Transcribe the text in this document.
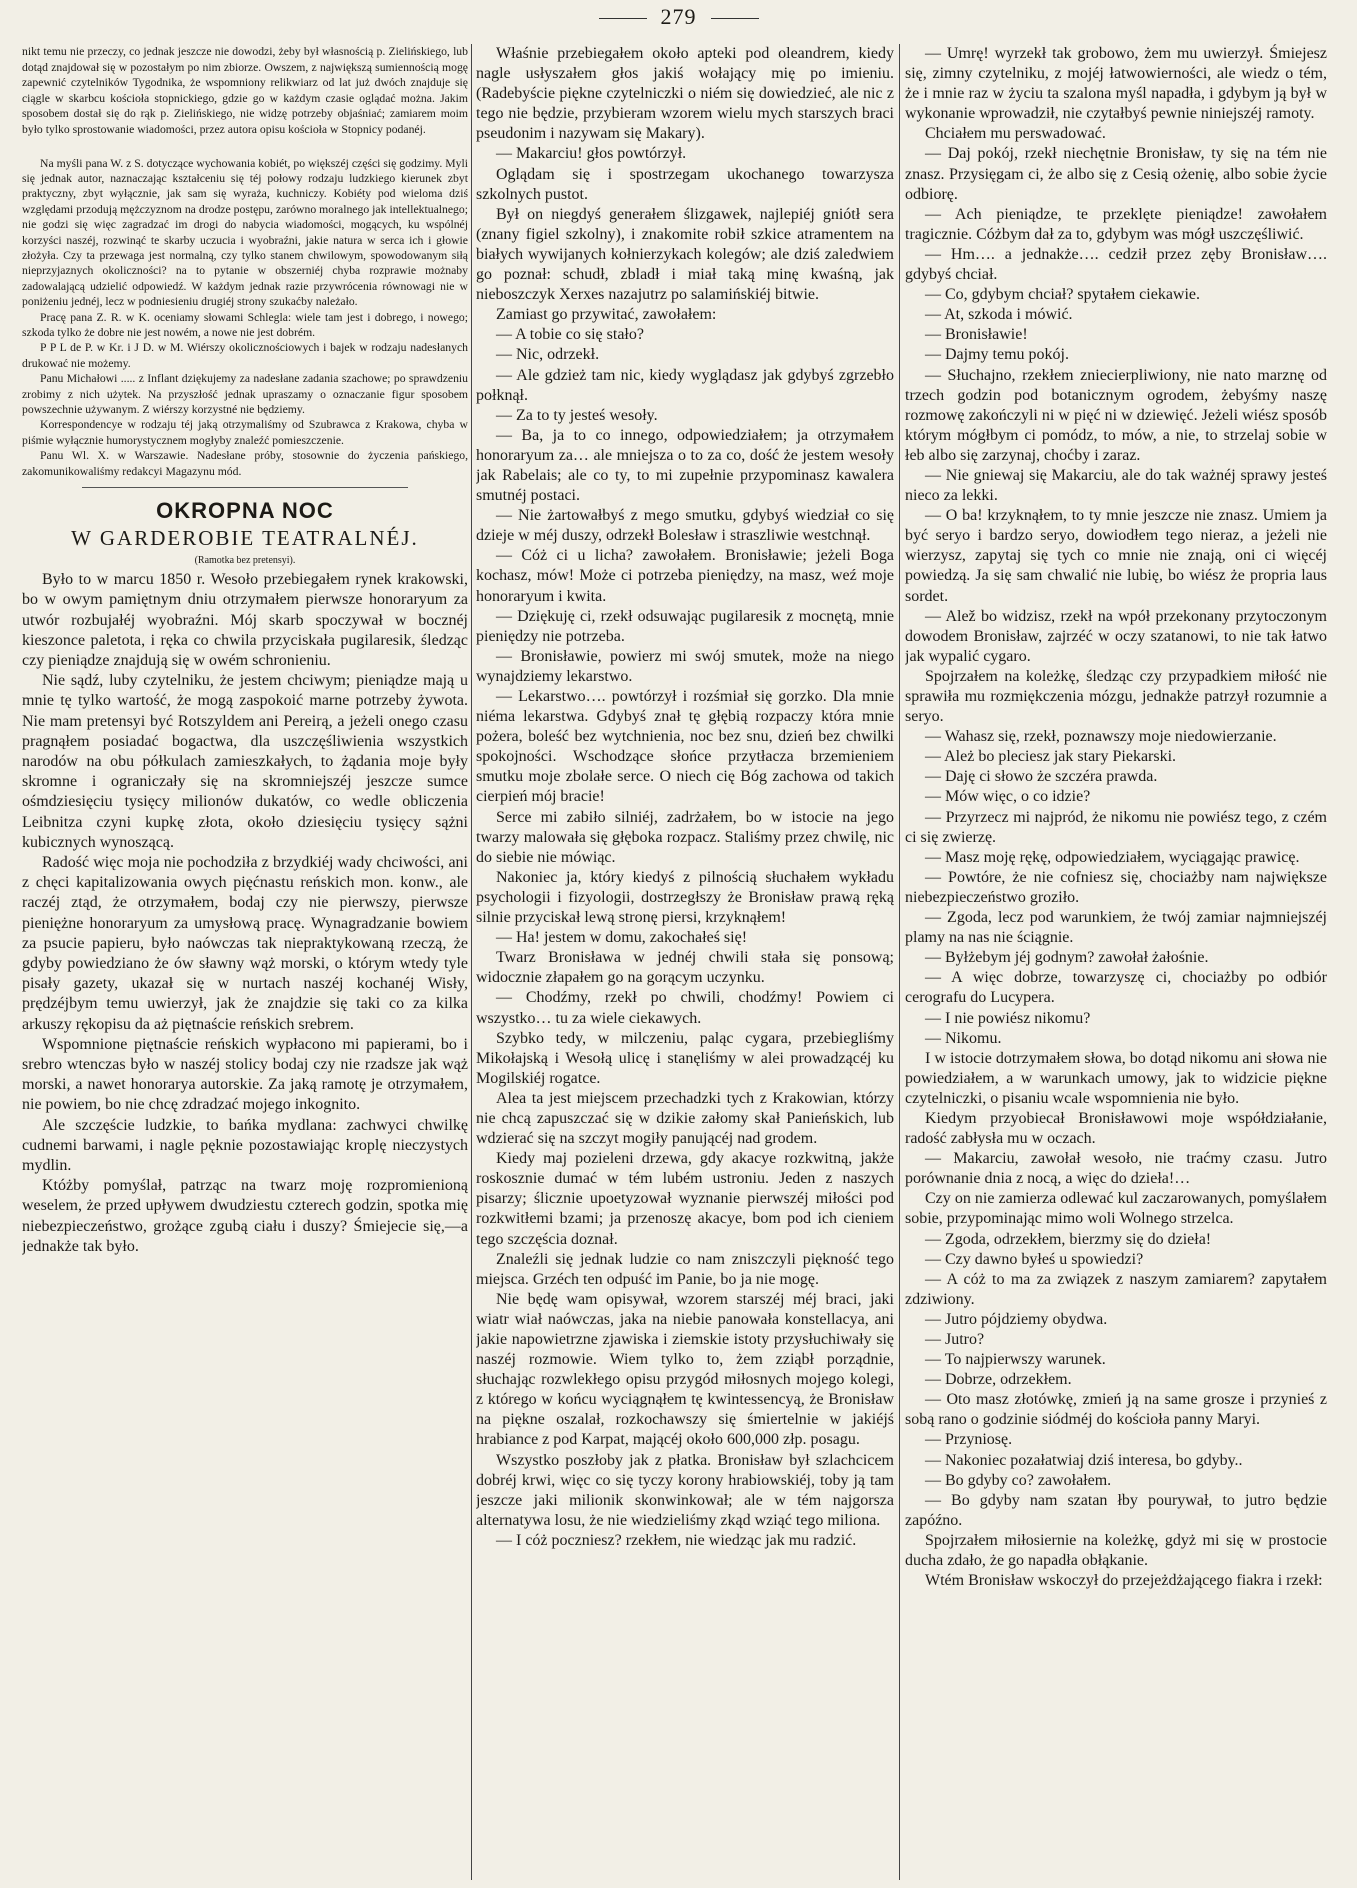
279

nikt temu nie przeczy, co jednak jeszcze nie dowodzi, żeby był własnością p. Zielińskiego, lub dotąd znajdował się w pozostałym po nim zbiorze. Owszem, z największą sumiennością mogę zapewnić czytelników Tygodnika, że wspomniony relikwiarz od lat już dwóch znajduje się ciągle w skarbcu kościoła stopnickiego, gdzie go w każdym czasie oglądać można. Jakim sposobem dostał się do rąk p. Zielińskiego, nie widzę potrzeby objaśniać; zamiarem moim było tylko sprostowanie wiadomości, przez autora opisu kościoła w Stopnicy podanéj.

Na myśli pana W. z S. dotyczące wychowania kobiét, po większéj części się godzimy. Myli się jednak autor, naznaczając kształceniu się téj połowy rodzaju ludzkiego kierunek zbyt praktyczny, zbyt wyłącznie, jak sam się wyraża, kuchniczy. Kobiéty pod wieloma dziś względami przodują mężczyznom na drodze postępu, zarówno moralnego jak intellektualnego; nie godzi się więc zagradzać im drogi do nabycia wiadomości, mogących, ku wspólnéj korzyści naszéj, rozwinąć te skarby uczucia i wyobraźni, jakie natura w serca ich i głowie złożyła. Czy ta przewaga jest normalną, czy tylko stanem chwilowym, spowodowanym siłą nieprzyjaznych okoliczności? na to pytanie w obszerniéj chyba rozprawie możnaby zadowalającą udzielić odpowiedź. W każdym jednak razie przywrócenia równowagi nie w poniżeniu jednéj, lecz w podniesieniu drugiéj strony szukaćby należało.

Pracę pana Z. R. w K. oceniamy słowami Schlegla: wiele tam jest i dobrego, i nowego; szkoda tylko że dobre nie jest nowém, a nowe nie jest dobrém.

P P L de P. w Kr. i J D. w M. Wiérszy okolicznościowych i bajek w rodzaju nadesłanych drukować nie możemy.

Panu Michałowi ..... z Inflant dziękujemy za nadesłane zadania szachowe; po sprawdzeniu zrobimy z nich użytek. Na przyszłość jednak upraszamy o oznaczanie figur sposobem powszechnie używanym. Z wiérszy korzystné nie będziemy.

Korrespondencye w rodzaju téj jaką otrzymaliśmy od Szubrawca z Krakowa, chyba w piśmie wyłącznie humorystycznem mogłyby znaleźć pomieszczenie.

Panu Wl. X. w Warszawie. Nadesłane próby, stosownie do życzenia pańskiego, zakomunikowaliśmy redakcyi Magazynu mód.

OKROPNA NOC
W GARDEROBIE TEATRALNÉJ.
(Ramotka bez pretensyi).

Było to w marcu 1850 r. Wesoło przebiegałem rynek krakowski, bo w owym pamiętnym dniu otrzymałem pierwsze honoraryum za utwór rozbujałéj wyobraźni. Mój skarb spoczywał w bocznéj kieszonce paletota, i ręka co chwila przyciskała pugilaresik, śledząc czy pieniądze znajdują się w owém schronieniu.

Nie sądź, luby czytelniku, że jestem chciwym; pieniądze mają u mnie tę tylko wartość, że mogą zaspokoić marne potrzeby żywota. Nie mam pretensyi być Rotszyldem ani Pereirą, a jeżeli onego czasu pragnąłem posiadać bogactwa, dla uszczęśliwienia wszystkich narodów na obu półkulach zamieszkałych, to żądania moje były skromne i ograniczały się na skromniejszéj jeszcze sumce ośmdziesięciu tysięcy milionów dukatów, co wedle obliczenia Leibnitza czyni kupkę złota, około dziesięciu tysięcy sążni kubicznych wynoszącą.

Radość więc moja nie pochodziła z brzydkiéj wady chciwości, ani z chęci kapitalizowania owych pięćnastu reńskich mon. konw., ale raczéj ztąd, że otrzymałem, bodaj czy nie pierwszy, pierwsze pieniężne honoraryum za umysłową pracę. Wynagradzanie bowiem za psucie papieru, było naówczas tak niepraktykowaną rzeczą, że gdyby powiedziano że ów sławny wąż morski, o którym wtedy tyle pisały gazety, ukazał się w nurtach naszéj kochanéj Wisły, prędzéjbym temu uwierzył, jak że znajdzie się taki co za kilka arkuszy rękopisu da aż piętnaście reńskich srebrem.

Wspomnione piętnaście reńskich wypłacono mi papierami, bo i srebro wtenczas było w naszéj stolicy bodaj czy nie rzadsze jak wąż morski, a nawet honorarya autorskie. Za jaką ramotę je otrzymałem, nie powiem, bo nie chcę zdradzać mojego inkognito.

Ale szczęście ludzkie, to bańka mydlana: zachwyci chwilkę cudnemi barwami, i nagle pęknie pozostawiając kroplę nieczystych mydlin.

Któżby pomyślał, patrząc na twarz moję rozpromienioną weselem, że przed upływem dwudziestu czterech godzin, spotka mię niebezpieczeństwo, grożące zgubą ciału i duszy? Śmiejecie się,—a jednakże tak było.

Właśnie przebiegałem około apteki pod oleandrem, kiedy nagle usłyszałem głos jakiś wołający mię po imieniu. (Radebyście piękne czytelniczki o niém się dowiedzieć, ale nic z tego nie będzie, przybieram wzorem wielu mych starszych braci pseudonim i nazywam się Makary).

— Makarciu! głos powtórzył.

Oglądam się i spostrzegam ukochanego towarzysza szkolnych pustot.

Był on niegdyś generałem ślizgawek, najlepiéj gniótł sera (znany figiel szkolny), i znakomite robił szkice atramentem na białych wywijanych kołnierzykach kolegów; ale dziś zaledwiem go poznał: schudł, zbladł i miał taką minę kwaśną, jak nieboszczyk Xerxes nazajutrz po salamińskiéj bitwie.

Zamiast go przywitać, zawołałem:

— A tobie co się stało?

— Nic, odrzekł.

— Ale gdzież tam nic, kiedy wyglądasz jak gdybyś zgrzebło połknął.

— Za to ty jesteś wesoły.

— Ba, ja to co innego, odpowiedziałem; ja otrzymałem honoraryum za… ale mniejsza o to za co, dość że jestem wesoły jak Rabelais; ale co ty, to mi zupełnie przypominasz kawalera smutnéj postaci.

— Nie żartowałbyś z mego smutku, gdybyś wiedział co się dzieje w méj duszy, odrzekł Bolesław i straszliwie westchnął.

— Cóż ci u licha? zawołałem. Bronisławie; jeżeli Boga kochasz, mów! Może ci potrzeba pieniędzy, na masz, weź moje honoraryum i kwita.

— Dziękuję ci, rzekł odsuwając pugilaresik z mocnętą, mnie pieniędzy nie potrzeba.

— Bronisławie, powierz mi swój smutek, może na niego wynajdziemy lekarstwo.

— Lekarstwo…. powtórzył i rozśmiał się gorzko. Dla mnie niéma lekarstwa. Gdybyś znał tę głębią rozpaczy która mnie pożera, boleść bez wytchnienia, noc bez snu, dzień bez chwilki spokojności. Wschodzące słońce przytłacza brzemieniem smutku moje zbolałe serce. O niech cię Bóg zachowa od takich cierpień mój bracie!

Serce mi zabiło silniéj, zadrżałem, bo w istocie na jego twarzy malowała się głęboka rozpacz. Staliśmy przez chwilę, nic do siebie nie mówiąc.

Nakoniec ja, który kiedyś z pilnością słuchałem wykładu psychologii i fizyologii, dostrzegłszy że Bronisław prawą ręką silnie przyciskał lewą stronę piersi, krzyknąłem!

— Ha! jestem w domu, zakochałeś się!

Twarz Bronisława w jednéj chwili stała się ponsową; widocznie złapałem go na gorącym uczynku.

— Chodźmy, rzekł po chwili, chodźmy! Powiem ci wszystko… tu za wiele ciekawych.

Szybko tedy, w milczeniu, paląc cygara, przebiegliśmy Mikołajską i Wesołą ulicę i stanęliśmy w alei prowadzącéj ku Mogilskiéj rogatce.

Alea ta jest miejscem przechadzki tych z Krakowian, którzy nie chcą zapuszczać się w dzikie załomy skał Panieńskich, lub wdzierać się na szczyt mogiły panującéj nad grodem.

Kiedy maj pozieleni drzewa, gdy akacye rozkwitną, jakże roskosznie dumać w tém lubém ustroniu. Jeden z naszych pisarzy; ślicznie upoetyzował wyznanie pierwszéj miłości pod rozkwitłemi bzami; ja przenoszę akacye, bom pod ich cieniem tego szczęścia doznał.

Znaleźli się jednak ludzie co nam zniszczyli piękność tego miejsca. Grzéch ten odpuść im Panie, bo ja nie mogę.

Nie będę wam opisywał, wzorem starszéj méj braci, jaki wiatr wiał naówczas, jaka na niebie panowała konstellacya, ani jakie napowietrzne zjawiska i ziemskie istoty przysłuchiwały się naszéj rozmowie. Wiem tylko to, żem zziąbł porządnie, słuchając rozwlekłego opisu przygód miłosnych mojego kolegi, z którego w końcu wyciągnąłem tę kwintessencyą, że Bronisław na piękne oszalał, rozkochawszy się śmiertelnie w jakiéjś hrabiance z pod Karpat, mającéj około 600,000 złp. posagu.

Wszystko poszłoby jak z płatka. Bronisław był szlachcicem dobréj krwi, więc co się tyczy korony hrabiowskiéj, toby ją tam jeszcze jaki milionik skonwinkował; ale w tém najgorsza alternatywa losu, że nie wiedzieliśmy zkąd wziąć tego miliona.

— I cóż poczniesz? rzekłem, nie wiedząc jak mu radzić.

— Umrę! wyrzekł tak grobowo, żem mu uwierzył. Śmiejesz się, zimny czytelniku, z mojéj łatwowierności, ale wiedz o tém, że i mnie raz w życiu ta szalona myśl napadła, i gdybym ją był w wykonanie wprowadził, nie czytałbyś pewnie niniejszéj ramoty.

Chciałem mu perswadować.

— Daj pokój, rzekł niechętnie Bronisław, ty się na tém nie znasz. Przysięgam ci, że albo się z Cesią ożenię, albo sobie życie odbiorę.

— Ach pieniądze, te przeklęte pieniądze! zawołałem tragicznie. Cóżbym dał za to, gdybym was mógł uszczęśliwić.

— Hm…. a jednakże…. cedził przez zęby Bronisław…. gdybyś chciał.

— Co, gdybym chciał? spytałem ciekawie.

— At, szkoda i mówić.

— Bronisławie!

— Dajmy temu pokój.

— Słuchajno, rzekłem zniecierpliwiony, nie nato marznę od trzech godzin pod botanicznym ogrodem, żebyśmy naszę rozmowę zakończyli ni w pięć ni w dziewięć. Jeżeli wiész sposób którym mógłbym ci pomódz, to mów, a nie, to strzelaj sobie w łeb albo się zarzynaj, choćby i zaraz.

— Nie gniewaj się Makarciu, ale do tak ważnéj sprawy jesteś nieco za lekki.

— O ba! krzyknąłem, to ty mnie jeszcze nie znasz. Umiem ja być seryo i bardzo seryo, dowiodłem tego nieraz, a jeżeli nie wierzysz, zapytaj się tych co mnie nie znają, oni ci więcéj powiedzą. Ja się sam chwalić nie lubię, bo wiész że propria laus sordet.

— Alež bo widzisz, rzekł na wpół przekonany przytoczonym dowodem Bronisław, zajrzéć w oczy szatanowi, to nie tak łatwo jak wypalić cygaro.

Spojrzałem na koleżkę, śledząc czy przypadkiem miłość nie sprawiła mu rozmiękczenia mózgu, jednakże patrzył rozumnie a seryo.

— Wahasz się, rzekł, poznawszy moje niedowierzanie.

— Ależ bo pleciesz jak stary Piekarski.

— Daję ci słowo że szczéra prawda.

— Mów więc, o co idzie?

— Przyrzecz mi najpród, że nikomu nie powiész tego, z czém ci się zwierzę.

— Masz moję rękę, odpowiedziałem, wyciągając prawicę.

— Powtóre, że nie cofniesz się, chociażby nam największe niebezpieczeństwo groziło.

— Zgoda, lecz pod warunkiem, że twój zamiar najmniejszéj plamy na nas nie ściągnie.

— Byłżebym jéj godnym? zawołał żałośnie.

— A więc dobrze, towarzyszę ci, chociażby po odbiór cerografu do Lucypera.

— I nie powiész nikomu?

— Nikomu.

I w istocie dotrzymałem słowa, bo dotąd nikomu ani słowa nie powiedziałem, a w warunkach umowy, jak to widzicie piękne czytelniczki, o pisaniu wcale wspomnienia nie było.

Kiedym przyobiecał Bronisławowi moje współdziałanie, radość zabłysła mu w oczach.

— Makarciu, zawołał wesoło, nie traćmy czasu. Jutro porównanie dnia z nocą, a więc do dzieła!…

Czy on nie zamierza odlewać kul zaczarowanych, pomyślałem sobie, przypominając mimo woli Wolnego strzelca.

— Zgoda, odrzekłem, bierzmy się do dzieła!

— Czy dawno byłeś u spowiedzi?

— A cóż to ma za związek z naszym zamiarem? zapytałem zdziwiony.

— Jutro pójdziemy obydwa.

— Jutro?

— To najpierwszy warunek.

— Dobrze, odrzekłem.

— Oto masz złotówkę, zmień ją na same grosze i przynieś z sobą rano o godzinie siódméj do kościoła panny Maryi.

— Przyniosę.

— Nakoniec pozałatwiaj dziś interesa, bo gdyby..

— Bo gdyby co? zawołałem.

— Bo gdyby nam szatan łby pourywał, to jutro będzie zapóźno.

Spojrzałem miłosiernie na koleżkę, gdyż mi się w prostocie ducha zdało, że go napadła obłąkanie.

Wtém Bronisław wskoczył do przejeżdżającego fiakra i rzekł:
